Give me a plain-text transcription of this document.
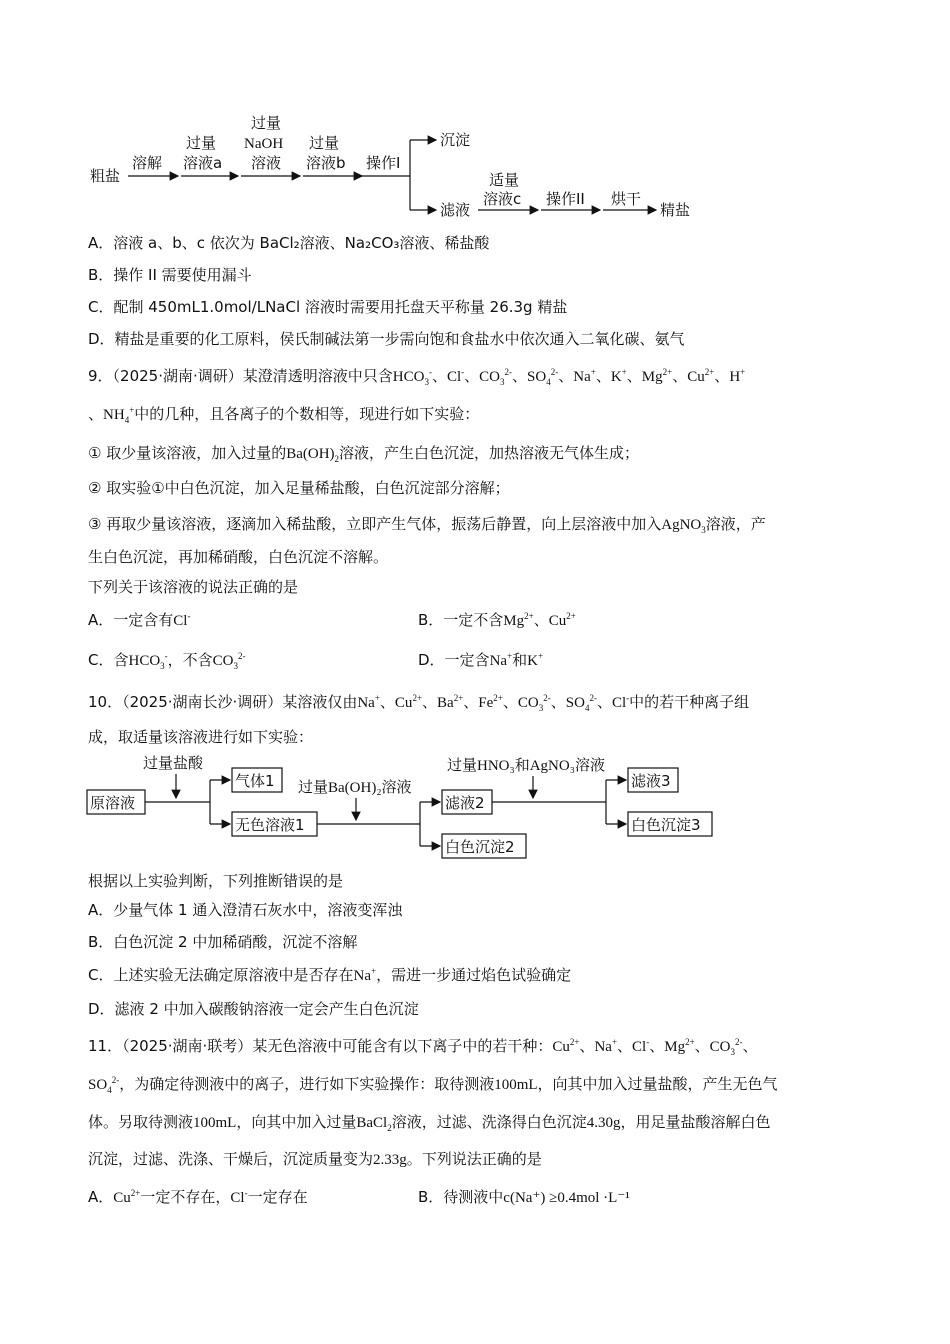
粗盐
溶解
过量
溶液a
过量
NaOH
溶液
过量
溶液b 操作I
沉淀
滤液
适量
溶液c 操作II 烘干
精盐
A．溶液 a、b、c 依次为 BaCl₂溶液、Na₂CO₃溶液、稀盐酸
B．操作 II 需要使用漏斗
C．配制 450mL1.0mol/LNaCl 溶液时需要用托盘天平称量 26.3g 精盐
D．精盐是重要的化工原料，侯氏制碱法第一步需向饱和食盐水中依次通入二氧化碳、氨气
9．（2025·湖南·调研）某澄清透明溶液中只含$HCO_3^-$、Cl-、$CO_3^{2-}$、$SO_4^{2-}$、Na+、K+、$Mg^{2+}$、$Cu^{2+}$、H+
、$NH_4^+$中的几种，且各离子的个数相等，现进行如下实验：
① 取少量该溶液，加入过量的$Ba(OH)_2$溶液，产生白色沉淀，加热溶液无气体生成；
② 取实验①中白色沉淀，加入足量稀盐酸，白色沉淀部分溶解；
③ 再取少量该溶液，逐滴加入稀盐酸，立即产生气体，振荡后静置，向上层溶液中加入AgNO$_3$溶液，产
生白色沉淀，再加稀硝酸，白色沉淀不溶解。
下列关于该溶液的说法正确的是
A．一定含有Cl-	B．一定不含$Mg^{2+}$、$Cu^{2+}$
C．含$HCO_3^-$，不含$CO_3^{2-}$	D．一定含Na+和K+
10．（2025·湖南长沙·调研）某溶液仅由Na+、$Cu^{2+}$、$Ba^{2+}$、$Fe^{2+}$、$CO_3^{2-}$、$SO_4^{2-}$、Cl-中的若干种离子组
成，取适量该溶液进行如下实验：
过量盐酸
原溶液
气体1
无色溶液1
过量Ba(OH)₂溶液
滤液2
白色沉淀2
过量HNO₃和AgNO₃溶液
滤液3
白色沉淀3
根据以上实验判断，下列推断错误的是
A．少量气体 1 通入澄清石灰水中，溶液变浑浊
B．白色沉淀 2 中加稀硝酸，沉淀不溶解
C．上述实验无法确定原溶液中是否存在Na+，需进一步通过焰色试验确定
D．滤液 2 中加入碳酸钠溶液一定会产生白色沉淀
11．（2025·湖南·联考）某无色溶液中可能含有以下离子中的若干种：$Cu^{2+}$、Na+、Cl-、$Mg^{2+}$、$CO_3^{2-}$、
$SO_4^{2-}$，为确定待测液中的离子，进行如下实验操作：取待测液100mL，向其中加入过量盐酸，产生无色气
体。另取待测液100mL，向其中加入过量BaCl$_2$溶液，过滤、洗涤得白色沉淀4.30g，用足量盐酸溶解白色
沉淀，过滤、洗涤、干燥后，沉淀质量变为2.33g。下列说法正确的是
A．$Cu^{2+}$一定不存在，Cl-一定存在	B．待测液中c(Na⁺) ≥0.4mol ·L⁻¹
